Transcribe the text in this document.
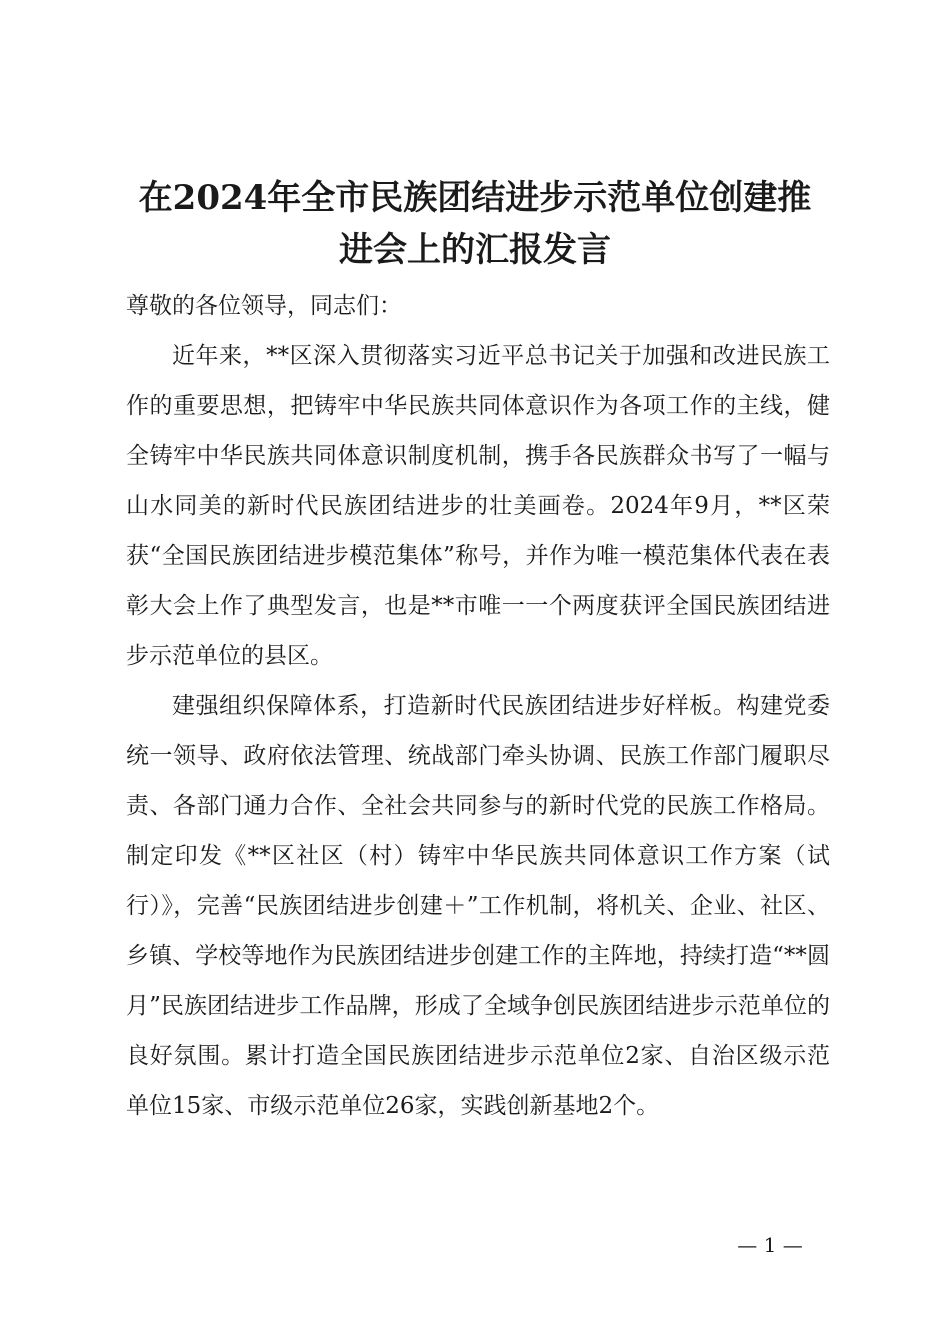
在2024年全市民族团结进步示范单位创建推
进会上的汇报发言

尊敬的各位领导，同志们：

近年来，**区深入贯彻落实习近平总书记关于加强和改进民族工作的重要思想，把铸牢中华民族共同体意识作为各项工作的主线，健全铸牢中华民族共同体意识制度机制，携手各民族群众书写了一幅与山水同美的新时代民族团结进步的壮美画卷。2024年9月，**区荣获“全国民族团结进步模范集体”称号，并作为唯一模范集体代表在表彰大会上作了典型发言，也是**市唯一一个两度获评全国民族团结进步示范单位的县区。

建强组织保障体系，打造新时代民族团结进步好样板。构建党委统一领导、政府依法管理、统战部门牵头协调、民族工作部门履职尽责、各部门通力合作、全社会共同参与的新时代党的民族工作格局。制定印发《**区社区（村）铸牢中华民族共同体意识工作方案（试行）》，完善“民族团结进步创建＋”工作机制，将机关、企业、社区、乡镇、学校等地作为民族团结进步创建工作的主阵地，持续打造“**圆月”民族团结进步工作品牌，形成了全域争创民族团结进步示范单位的良好氛围。累计打造全国民族团结进步示范单位2家、自治区级示范单位15家、市级示范单位26家，实践创新基地2个。

— 1 —
